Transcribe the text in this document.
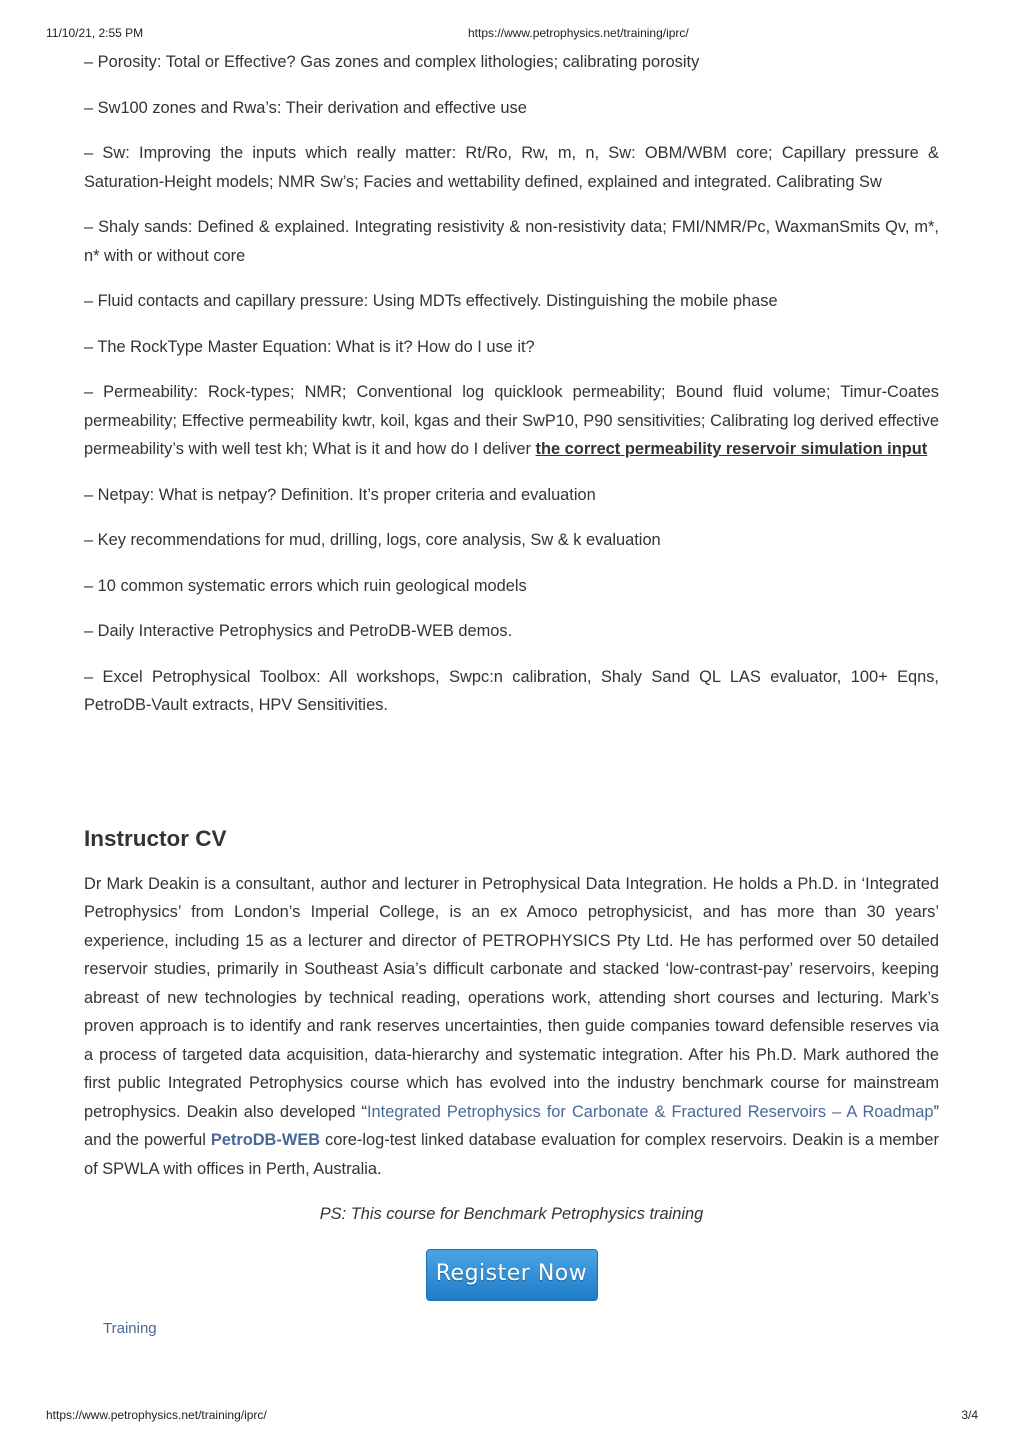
11/10/21, 2:55 PM	https://www.petrophysics.net/training/iprc/

– Porosity: Total or Effective? Gas zones and complex lithologies; calibrating porosity

– Sw100 zones and Rwa’s: Their derivation and effective use

– Sw: Improving the inputs which really matter: Rt/Ro, Rw, m, n, Sw: OBM/WBM core; Capillary pressure & Saturation-Height models; NMR Sw’s; Facies and wettability defined, explained and integrated. Calibrating Sw

– Shaly sands: Defined & explained. Integrating resistivity & non-resistivity data; FMI/NMR/Pc, WaxmanSmits Qv, m*, n* with or without core

– Fluid contacts and capillary pressure: Using MDTs effectively. Distinguishing the mobile phase

– The RockType Master Equation: What is it? How do I use it?

– Permeability: Rock-types; NMR; Conventional log quicklook permeability; Bound fluid volume; Timur-Coates permeability; Effective permeability kwtr, koil, kgas and their SwP10, P90 sensitivities; Calibrating log derived effective permeability’s with well test kh; What is it and how do I deliver the correct permeability reservoir simulation input

– Netpay: What is netpay? Definition. It’s proper criteria and evaluation

– Key recommendations for mud, drilling, logs, core analysis, Sw & k evaluation

– 10 common systematic errors which ruin geological models

– Daily Interactive Petrophysics and PetroDB-WEB demos.

– Excel Petrophysical Toolbox: All workshops, Swpc:n calibration, Shaly Sand QL LAS evaluator, 100+ Eqns, PetroDB-Vault extracts, HPV Sensitivities.

Instructor CV

Dr Mark Deakin is a consultant, author and lecturer in Petrophysical Data Integration. He holds a Ph.D. in ‘Integrated Petrophysics’ from London’s Imperial College, is an ex Amoco petrophysicist, and has more than 30 years’ experience, including 15 as a lecturer and director of PETROPHYSICS Pty Ltd. He has performed over 50 detailed reservoir studies, primarily in Southeast Asia’s difficult carbonate and stacked ‘low-contrast-pay’ reservoirs, keeping abreast of new technologies by technical reading, operations work, attending short courses and lecturing. Mark’s proven approach is to identify and rank reserves uncertainties, then guide companies toward defensible reserves via a process of targeted data acquisition, data-hierarchy and systematic integration. After his Ph.D. Mark authored the first public Integrated Petrophysics course which has evolved into the industry benchmark course for mainstream petrophysics. Deakin also developed “Integrated Petrophysics for Carbonate & Fractured Reservoirs – A Roadmap” and the powerful PetroDB-WEB core-log-test linked database evaluation for complex reservoirs. Deakin is a member of SPWLA with offices in Perth, Australia.

PS: This course for Benchmark Petrophysics training

Register Now
Training
https://www.petrophysics.net/training/iprc/	3/4
